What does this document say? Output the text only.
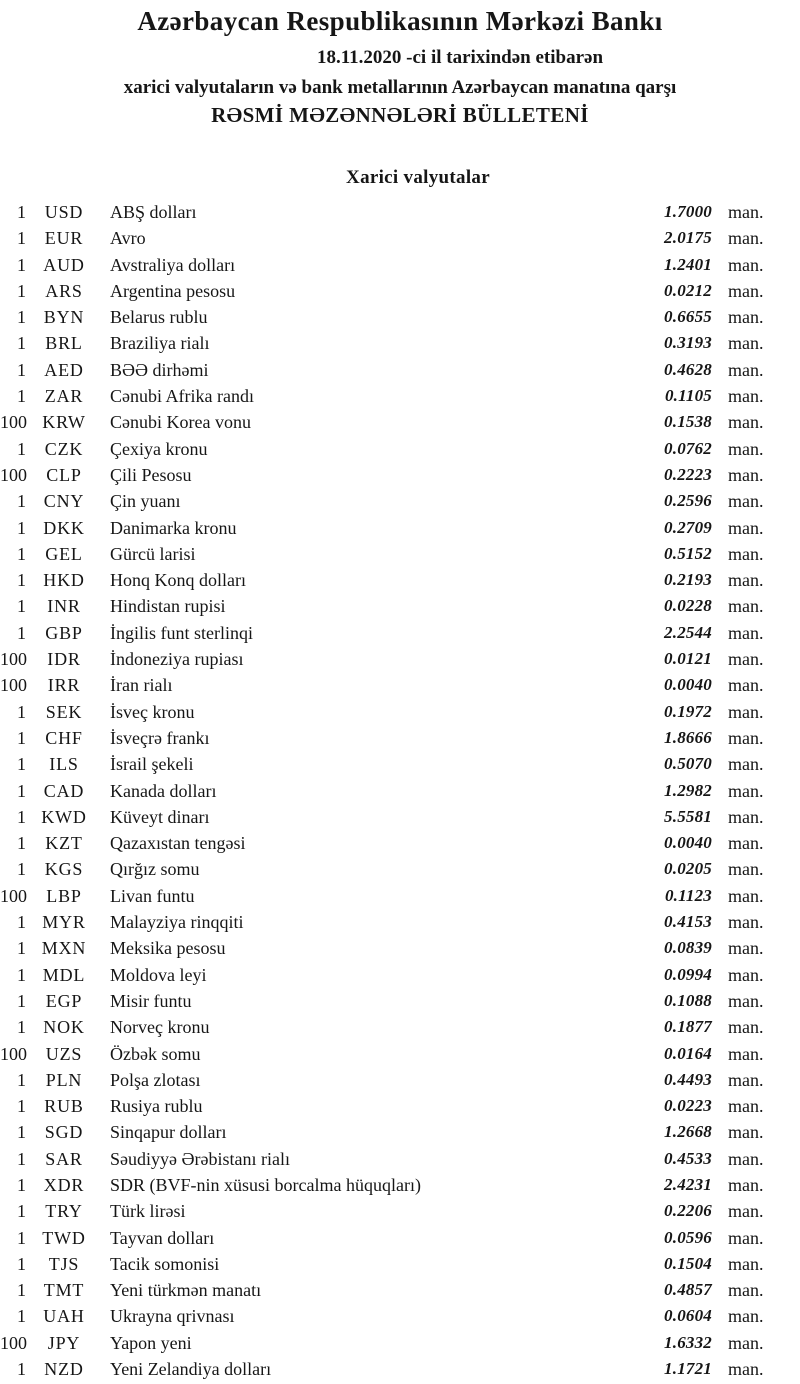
Azərbaycan Respublikasının Mərkəzi Bankı
18.11.2020 -ci il tarixindən etibarən
xarici valyutaların və bank metallarının Azərbaycan manatına qarşı
RƏSMİ MƏZƏNNƏLƏRİ BÜLLETENİ
Xarici valyutalar
1	USD	ABŞ dolları	1.7000 man.
1	EUR	Avro	2.0175 man.
1 AUD	Avstraliya dolları	1.2401 man.
1	ARS	Argentina pesosu	0.0212 man.
1 BYN	Belarus rublu	0.6655 man.
1	BRL	Braziliya rialı	0.3193 man.
1	AED	BƏƏ dirhəmi	0.4628 man.
1	ZAR	Cənubi Afrika randı	0.1105 man.
100 KRW	Cənubi Korea vonu	0.1538 man.
1	CZK	Çexiya kronu	0.0762 man.
100	CLP	Çili Pesosu	0.2223 man.
1 CNY	Çin yuanı	0.2596 man.
1 DKK	Danimarka kronu	0.2709 man.
1	GEL	Gürcü larisi	0.5152 man.
1 HKD	Honq Konq dolları	0.2193 man.
1	INR	Hindistan rupisi	0.0228 man.
1	GBP	İngilis funt sterlinqi	2.2544 man.
100	IDR	İndoneziya rupiası	0.0121 man.
100	IRR	İran rialı	0.0040 man.
1	SEK	İsveç kronu	0.1972 man.
1	CHF	İsveçrə frankı	1.8666 man.
1	ILS	İsrail şekeli	0.5070 man.
1 CAD	Kanada dolları	1.2982 man.
1 KWD	Küveyt dinarı	5.5581 man.
1	KZT	Qazaxıstan tengəsi	0.0040 man.
1	KGS	Qırğız somu	0.0205 man.
100	LBP	Livan funtu	0.1123 man.
1 MYR	Malayziya rinqqiti	0.4153 man.
1 MXN	Meksika pesosu	0.0839 man.
1 MDL	Moldova leyi	0.0994 man.
1	EGP	Misir funtu	0.1088 man.
1 NOK	Norveç kronu	0.1877 man.
100	UZS	Özbək somu	0.0164 man.
1	PLN	Polşa zlotası	0.4493 man.
1	RUB	Rusiya rublu	0.0223 man.
1	SGD	Sinqapur dolları	1.2668 man.
1	SAR	Səudiyyə Ərəbistanı rialı	0.4533 man.
1 XDR	SDR (BVF-nin xüsusi borcalma hüquqları)	2.4231 man.
1	TRY	Türk lirəsi	0.2206 man.
1 TWD	Tayvan dolları	0.0596 man.
1	TJS	Tacik somonisi	0.1504 man.
1 TMT	Yeni türkmən manatı	0.4857 man.
1 UAH	Ukrayna qrivnası	0.0604 man.
100	JPY	Yapon yeni	1.6332 man.
1	NZD	Yeni Zelandiya dolları	1.1721 man.
